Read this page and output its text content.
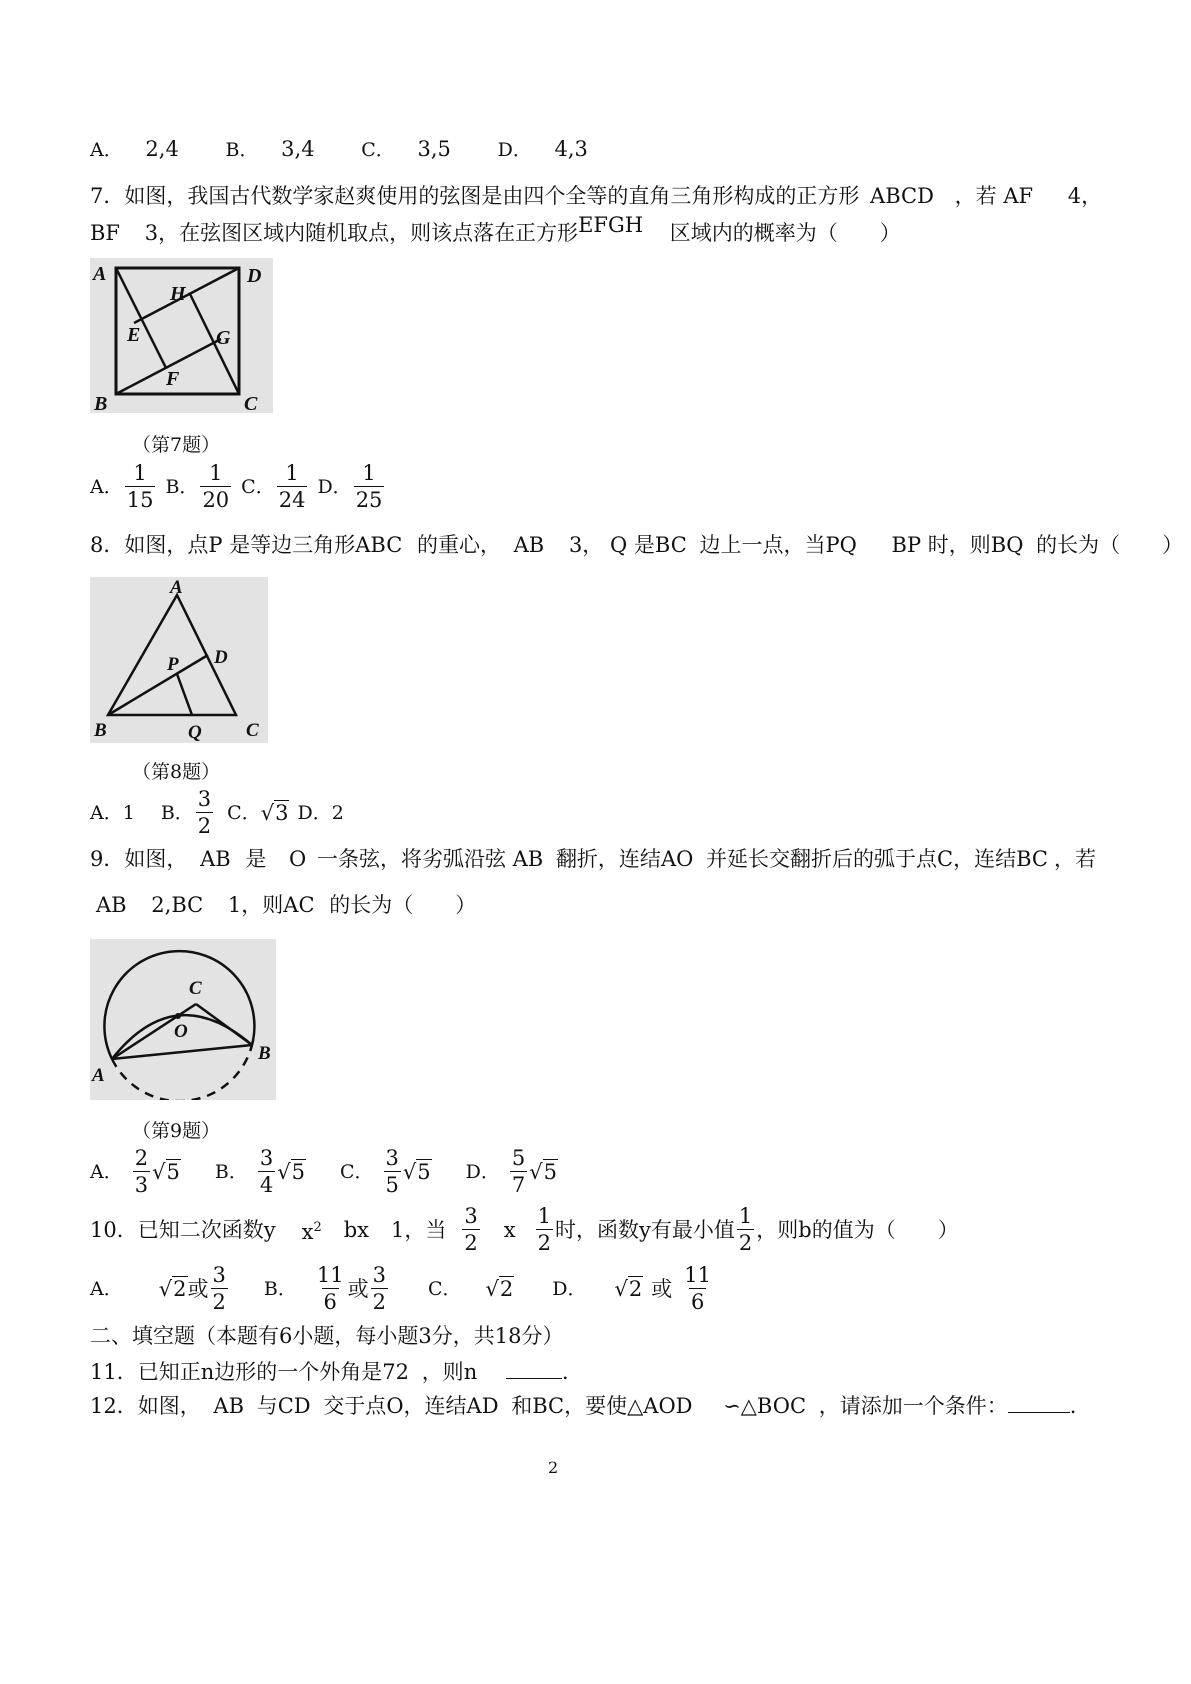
A． 2,4 B． 3,4 C． 3,5 D． 4,3
7．如图，我国古代数学家赵爽使用的弦图是由四个全等的直角三角形构成的正方形 ABCD ，若 AF 4，
BF 3，在弦图区域内随机取点，则该点落在正方形EFGH 区域内的概率为（　　）
A	D
H
E	G
F
B	C
（第7题）
A． $\frac{1}{15}$ B． $\frac{1}{20}$ C． $\frac{1}{24}$ D． $\frac{1}{25}$
8．如图，点P 是等边三角形ABC 的重心， AB 3， Q 是BC 边上一点，当PQ BP 时，则BQ 的长为（　　）
A
P D
B	Q C
（第8题）
A．1 B． $\frac{3}{2}$ C． √3 D．2
9．如图， AB 是 O 一条弦，将劣弧沿弦 AB 翻折，连结AO 并延长交翻折后的弧于点C，连结BC ，若
AB 2,BC 1，则AC 的长为（　　）
C
O
A
B
（第9题）
A． $\frac{2}{3} √5$ B． $\frac{3}{4} √5$ C． $\frac{3}{5} √5$ D． $\frac{5}{7} √5$
10．已知二次函数 y $x^2$ bx 1，当 $\frac{3}{2}$ x $\frac{1}{2}$ 时，函数 y 有最小值 $\frac{1}{2}$ ，则 b 的值为（　　）
A． √2 或 $\frac{3}{2}$ B． $\frac{11}{6}$ 或 $\frac{3}{2}$ C． √2 D． √2 或 $\frac{11}{6}$
二、填空题（本题有6小题，每小题3分，共18分）
11．已知正n边形的一个外角是72 ，则n	.
12．如图， AB 与CD 交于点O，连结AD 和BC，要使△AOD ∽△BOC ，请添加一个条件：	.
2
